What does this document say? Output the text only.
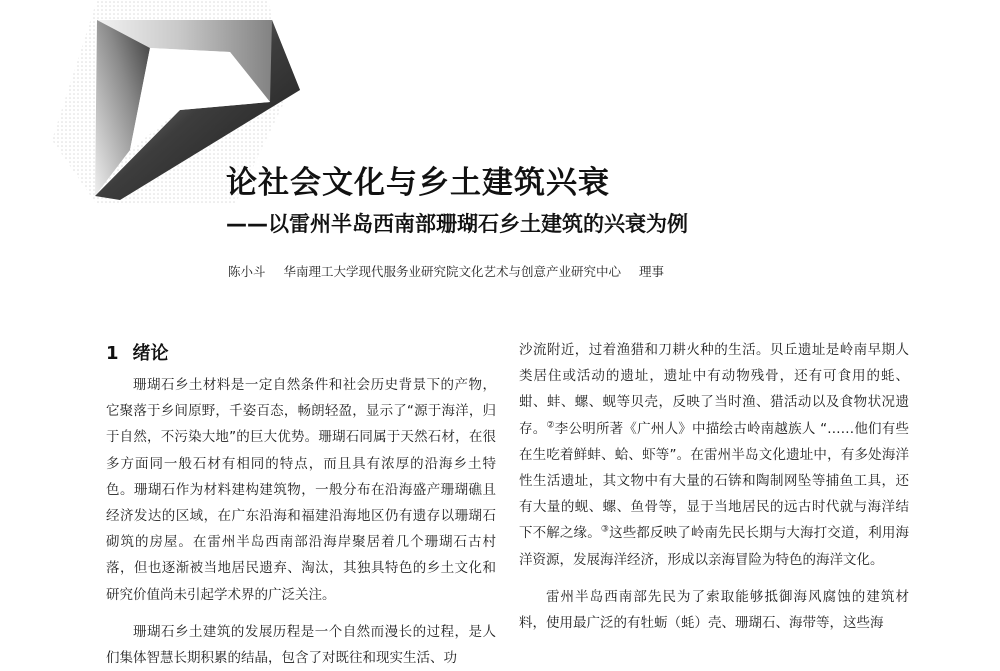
论社会文化与乡土建筑兴衰
——以雷州半岛西南部珊瑚石乡土建筑的兴衰为例
陈小斗 华南理工大学现代服务业研究院文化艺术与创意产业研究中心 理事
1 绪论

珊瑚石乡土材料是一定自然条件和社会历史背景下的产物，它聚落于乡间原野，千姿百态，畅朗轻盈，显示了“源于海洋，归于自然，不污染大地”的巨大优势。珊瑚石同属于天然石材，在很多方面同一般石材有相同的特点，而且具有浓厚的沿海乡土特色。珊瑚石作为材料建构建筑物，一般分布在沿海盛产珊瑚礁且经济发达的区域，在广东沿海和福建沿海地区仍有遗存以珊瑚石砌筑的房屋。在雷州半岛西南部沿海岸聚居着几个珊瑚石古村落，但也逐渐被当地居民遗弃、淘汰，其独具特色的乡土文化和研究价值尚未引起学术界的广泛关注。

珊瑚石乡土建筑的发展历程是一个自然而漫长的过程，是人们集体智慧长期积累的结晶，包含了对既往和现实生活、功

沙流附近，过着渔猎和刀耕火种的生活。贝丘遗址是岭南早期人类居住或活动的遗址，遗址中有动物残骨，还有可食用的蚝、蚶、蚌、螺、蚬等贝壳，反映了当时渔、猎活动以及食物状况遗存。②李公明所著《广州人》中描绘古岭南越族人 “……他们有些在生吃着鲜蚌、蛤、虾等”。在雷州半岛文化遗址中，有多处海洋性生活遗址，其文物中有大量的石锛和陶制网坠等捕鱼工具，还有大量的蚬、螺、鱼骨等，显于当地居民的远古时代就与海洋结下不解之缘。③这些都反映了岭南先民长期与大海打交道，利用海洋资源，发展海洋经济，形成以亲海冒险为特色的海洋文化。

雷州半岛西南部先民为了索取能够抵御海风腐蚀的建筑材料，使用最广泛的有牡蛎（蚝）壳、珊瑚石、海带等，这些海
